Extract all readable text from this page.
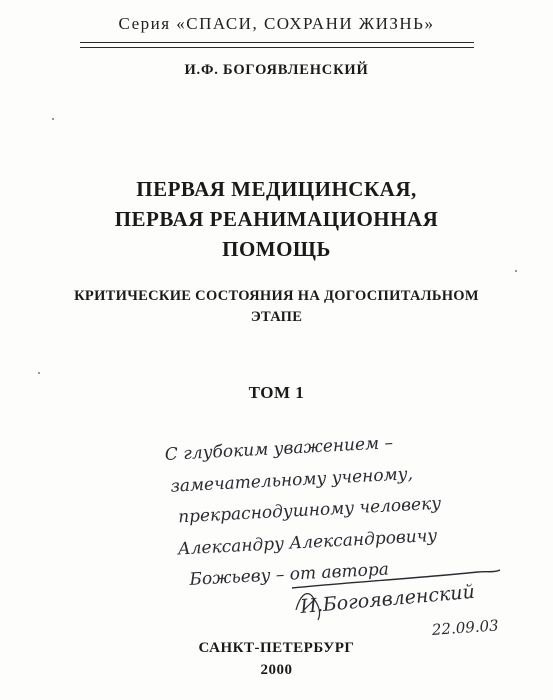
Серия «СПАСИ, СОХРАНИ ЖИЗНЬ»
И.Ф. БОГОЯВЛЕНСКИЙ
ПЕРВАЯ МЕДИЦИНСКАЯ,
ПЕРВАЯ РЕАНИМАЦИОННАЯ
ПОМОЩЬ
КРИТИЧЕСКИЕ СОСТОЯНИЯ НА ДОГОСПИТАЛЬНОМ
ЭТАПЕ
ТОМ 1
С глубоким уважением –
замечательному ученому,
прекраснодушному человеку
Александру Александровичу
Божьеву – от автора
И.Богоявленский
22.09.03
САНКТ-ПЕТЕРБУРГ
2000
